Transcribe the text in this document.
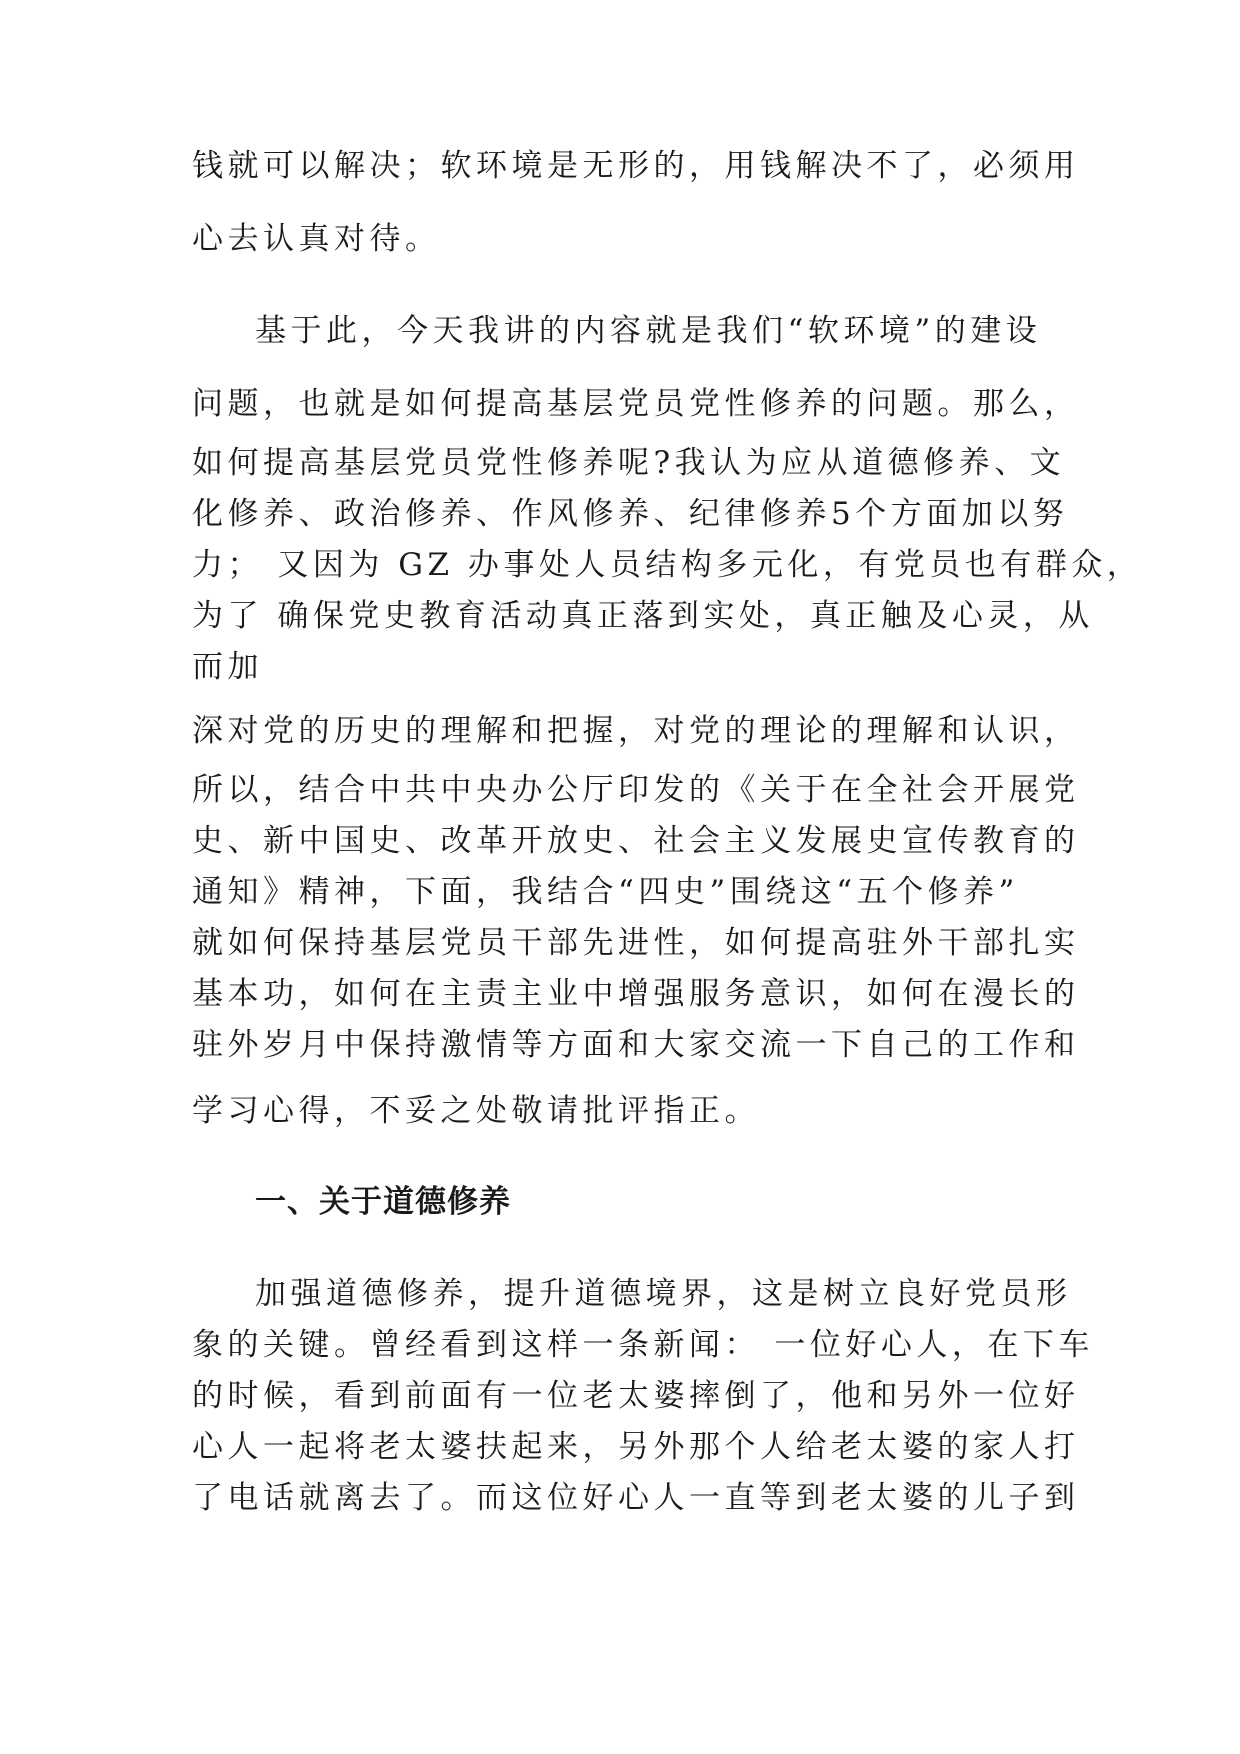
钱就可以解决；软环境是无形的，用钱解决不了，必须用
心去认真对待。
基于此，今天我讲的内容就是我们“软环境”的建设
问题，也就是如何提高基层党员党性修养的问题。那么，
如何提高基层党员党性修养呢?我认为应从道德修养、文
化修养、政治修养、作风修养、纪律修养5个方面加以努
力； 又因为 GZ 办事处人员结构多元化，有党员也有群众，
为了 确保党史教育活动真正落到实处，真正触及心灵，从
而加
深对党的历史的理解和把握，对党的理论的理解和认识，
所以，结合中共中央办公厅印发的《关于在全社会开展党
史、新中国史、改革开放史、社会主义发展史宣传教育的
通知》精神，下面，我结合“四史”围绕这“五个修养”
就如何保持基层党员干部先进性，如何提高驻外干部扎实
基本功，如何在主责主业中增强服务意识，如何在漫长的
驻外岁月中保持激情等方面和大家交流一下自己的工作和
学习心得，不妥之处敬请批评指正。
一、关于道德修养
加强道德修养，提升道德境界，这是树立良好党员形
象的关键。曾经看到这样一条新闻： 一位好心人，在下车
的时候，看到前面有一位老太婆摔倒了，他和另外一位好
心人一起将老太婆扶起来，另外那个人给老太婆的家人打
了电话就离去了。而这位好心人一直等到老太婆的儿子到
